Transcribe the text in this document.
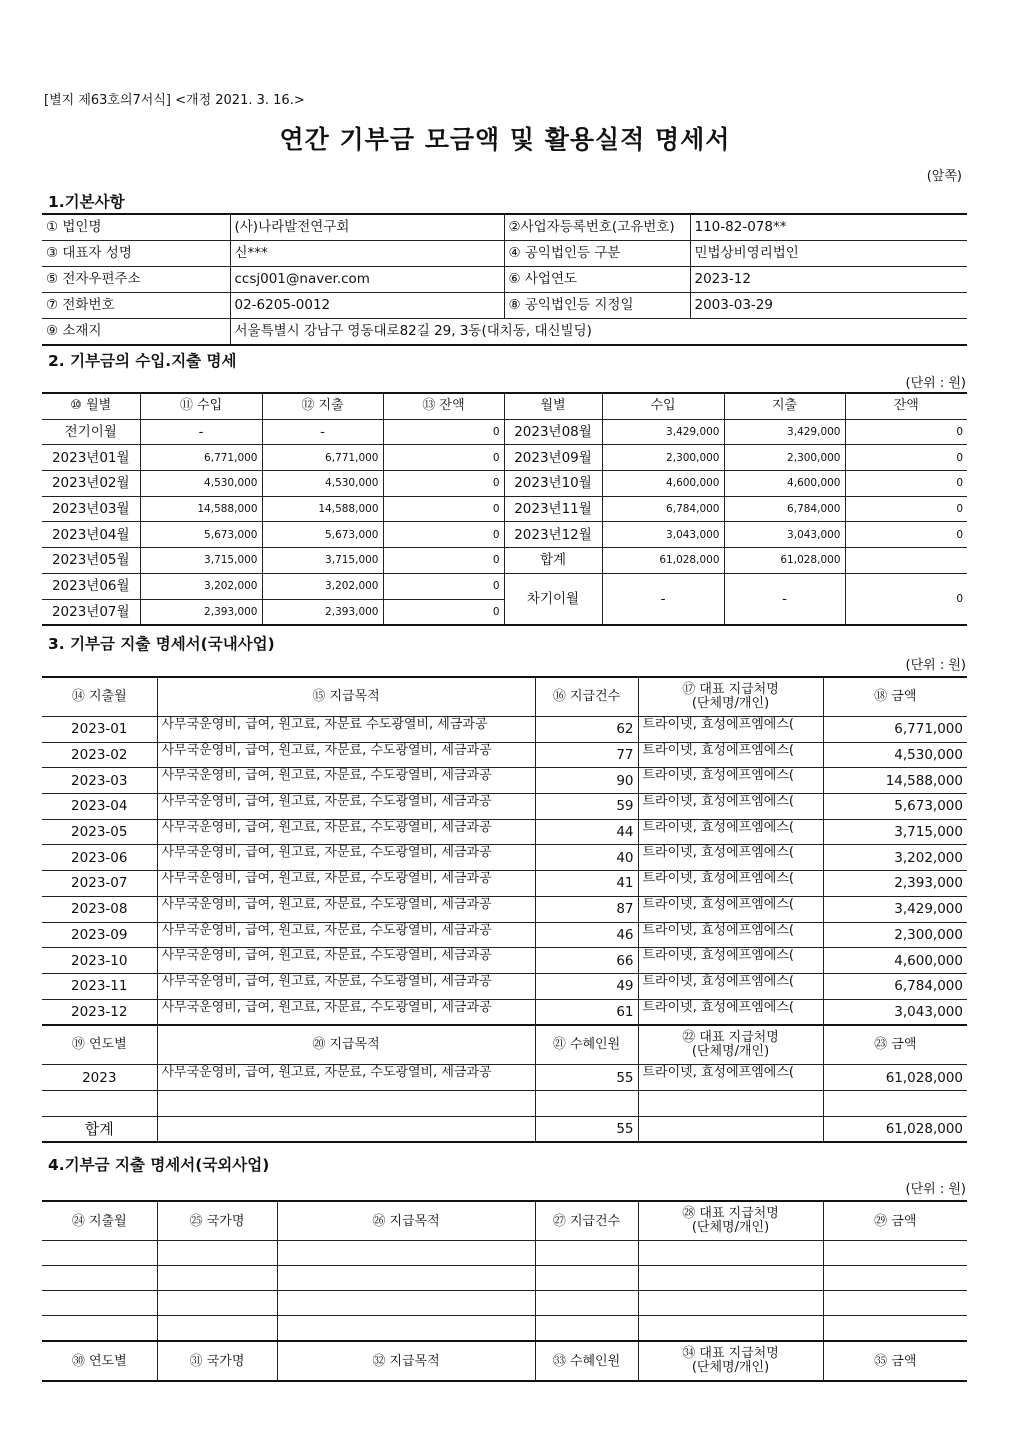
[별지 제63호의7서식] <개정 2021. 3. 16.>
연간 기부금 모금액 및 활용실적 명세서
(앞쪽)
1.기본사항
① 법인명	(사)나라발전연구회	②사업자등록번호(고유번호)	110-82-078**
③ 대표자 성명	신***	④ 공익법인등 구분	민법상비영리법인
⑤ 전자우편주소	ccsj001@naver.com	⑥ 사업연도	2023-12
⑦ 전화번호	02-6205-0012	⑧ 공익법인등 지정일	2003-03-29
⑨ 소재지	서울특별시 강남구 영동대로82길 29, 3동(대치동, 대신빌딩)		
2. 기부금의 수입.지출 명세
(단위 : 원)
⑩ 월별	⑪ 수입	⑫ 지출	⑬ 잔액	월별	수입	지출	잔액
전기이월	-	-	0	2023년08월	3,429,000	3,429,000	0
2023년01월	6,771,000	6,771,000	0	2023년09월	2,300,000	2,300,000	0
2023년02월	4,530,000	4,530,000	0	2023년10월	4,600,000	4,600,000	0
2023년03월	14,588,000	14,588,000	0	2023년11월	6,784,000	6,784,000	0
2023년04월	5,673,000	5,673,000	0	2023년12월	3,043,000	3,043,000	0
2023년05월	3,715,000	3,715,000	0	합계	61,028,000	61,028,000	
2023년06월	3,202,000	3,202,000	0	차기이월	-	-	0
2023년07월	2,393,000	2,393,000	0				
3. 기부금 지출 명세서(국내사업)
(단위 : 원)
⑭ 지출월	⑮ 지급목적	⑯ 지급건수	⑰ 대표 지급처명
(단체명/개인)	⑱ 금액
2023-01	사무국운영비, 급여, 원고료, 자문료 수도광열비, 세금과공	62	트라이넷, 효성에프엠에스(	6,771,000
2023-02	사무국운영비, 급여, 원고료, 자문료, 수도광열비, 세금과공	77	트라이넷, 효성에프엠에스(	4,530,000
2023-03	사무국운영비, 급여, 원고료, 자문료, 수도광열비, 세금과공	90	트라이넷, 효성에프엠에스(	14,588,000
2023-04	사무국운영비, 급여, 원고료, 자문료, 수도광열비, 세금과공	59	트라이넷, 효성에프엠에스(	5,673,000
2023-05	사무국운영비, 급여, 원고료, 자문료, 수도광열비, 세금과공	44	트라이넷, 효성에프엠에스(	3,715,000
2023-06	사무국운영비, 급여, 원고료, 자문료, 수도광열비, 세금과공	40	트라이넷, 효성에프엠에스(	3,202,000
2023-07	사무국운영비, 급여, 원고료, 자문료, 수도광열비, 세금과공	41	트라이넷, 효성에프엠에스(	2,393,000
2023-08	사무국운영비, 급여, 원고료, 자문료, 수도광열비, 세금과공	87	트라이넷, 효성에프엠에스(	3,429,000
2023-09	사무국운영비, 급여, 원고료, 자문료, 수도광열비, 세금과공	46	트라이넷, 효성에프엠에스(	2,300,000
2023-10	사무국운영비, 급여, 원고료, 자문료, 수도광열비, 세금과공	66	트라이넷, 효성에프엠에스(	4,600,000
2023-11	사무국운영비, 급여, 원고료, 자문료, 수도광열비, 세금과공	49	트라이넷, 효성에프엠에스(	6,784,000
2023-12	사무국운영비, 급여, 원고료, 자문료, 수도광열비, 세금과공	61	트라이넷, 효성에프엠에스(	3,043,000
⑲ 연도별	⑳ 지급목적	㉑ 수혜인원	㉒ 대표 지급처명
(단체명/개인)	㉓ 금액
2023	사무국운영비, 급여, 원고료, 자문료, 수도광열비, 세금과공	55	트라이넷, 효성에프엠에스(	61,028,000

합계		55		61,028,000
4.기부금 지출 명세서(국외사업)
(단위 : 원)
㉔ 지출월	㉕ 국가명	㉖ 지급목적	㉗ 지급건수	㉘ 대표 지급처명
(단체명/개인)	㉙ 금액

㉚ 연도별	㉛ 국가명	㉜ 지급목적	㉝ 수혜인원	㉞ 대표 지급처명
(단체명/개인)	㉟ 금액
